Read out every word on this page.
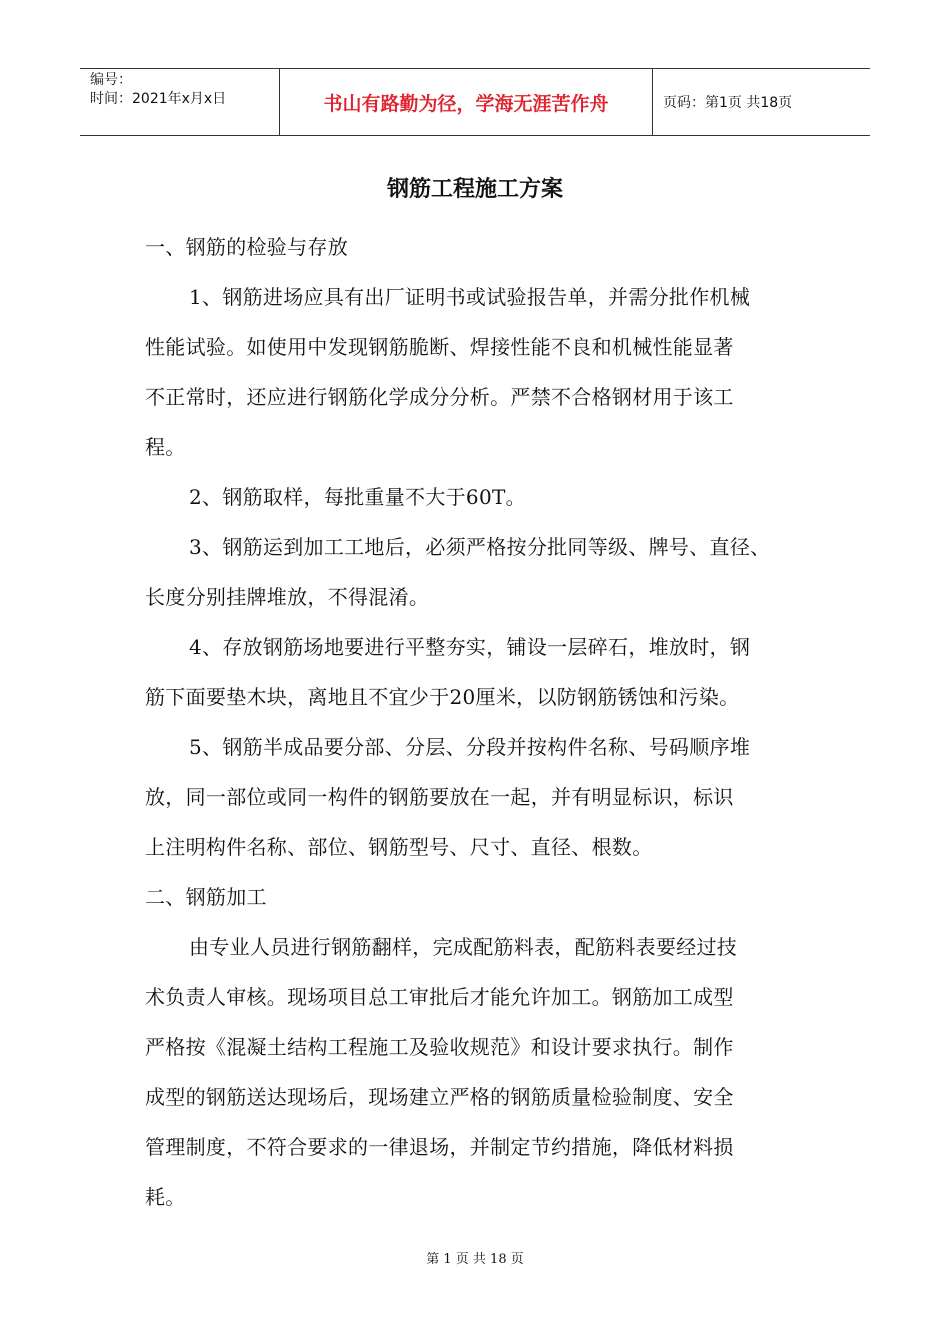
编号：
时间：2021年x月x日	书山有路勤为径，学海无涯苦作舟	页码：第1页 共18页
钢筋工程施工方案
一、钢筋的检验与存放
1、钢筋进场应具有出厂证明书或试验报告单，并需分批作机械
性能试验。如使用中发现钢筋脆断、焊接性能不良和机械性能显著
不正常时，还应进行钢筋化学成分分析。严禁不合格钢材用于该工
程。
2、钢筋取样，每批重量不大于60T。
3、钢筋运到加工工地后，必须严格按分批同等级、牌号、直径、
长度分别挂牌堆放，不得混淆。
4、存放钢筋场地要进行平整夯实，铺设一层碎石，堆放时，钢
筋下面要垫木块，离地且不宜少于20厘米，以防钢筋锈蚀和污染。
5、钢筋半成品要分部、分层、分段并按构件名称、号码顺序堆
放，同一部位或同一构件的钢筋要放在一起，并有明显标识，标识
上注明构件名称、部位、钢筋型号、尺寸、直径、根数。
二、钢筋加工
由专业人员进行钢筋翻样，完成配筋料表，配筋料表要经过技
术负责人审核。现场项目总工审批后才能允许加工。钢筋加工成型
严格按《混凝土结构工程施工及验收规范》和设计要求执行。制作
成型的钢筋送达现场后，现场建立严格的钢筋质量检验制度、安全
管理制度，不符合要求的一律退场，并制定节约措施，降低材料损
耗。
第 1 页 共 18 页
